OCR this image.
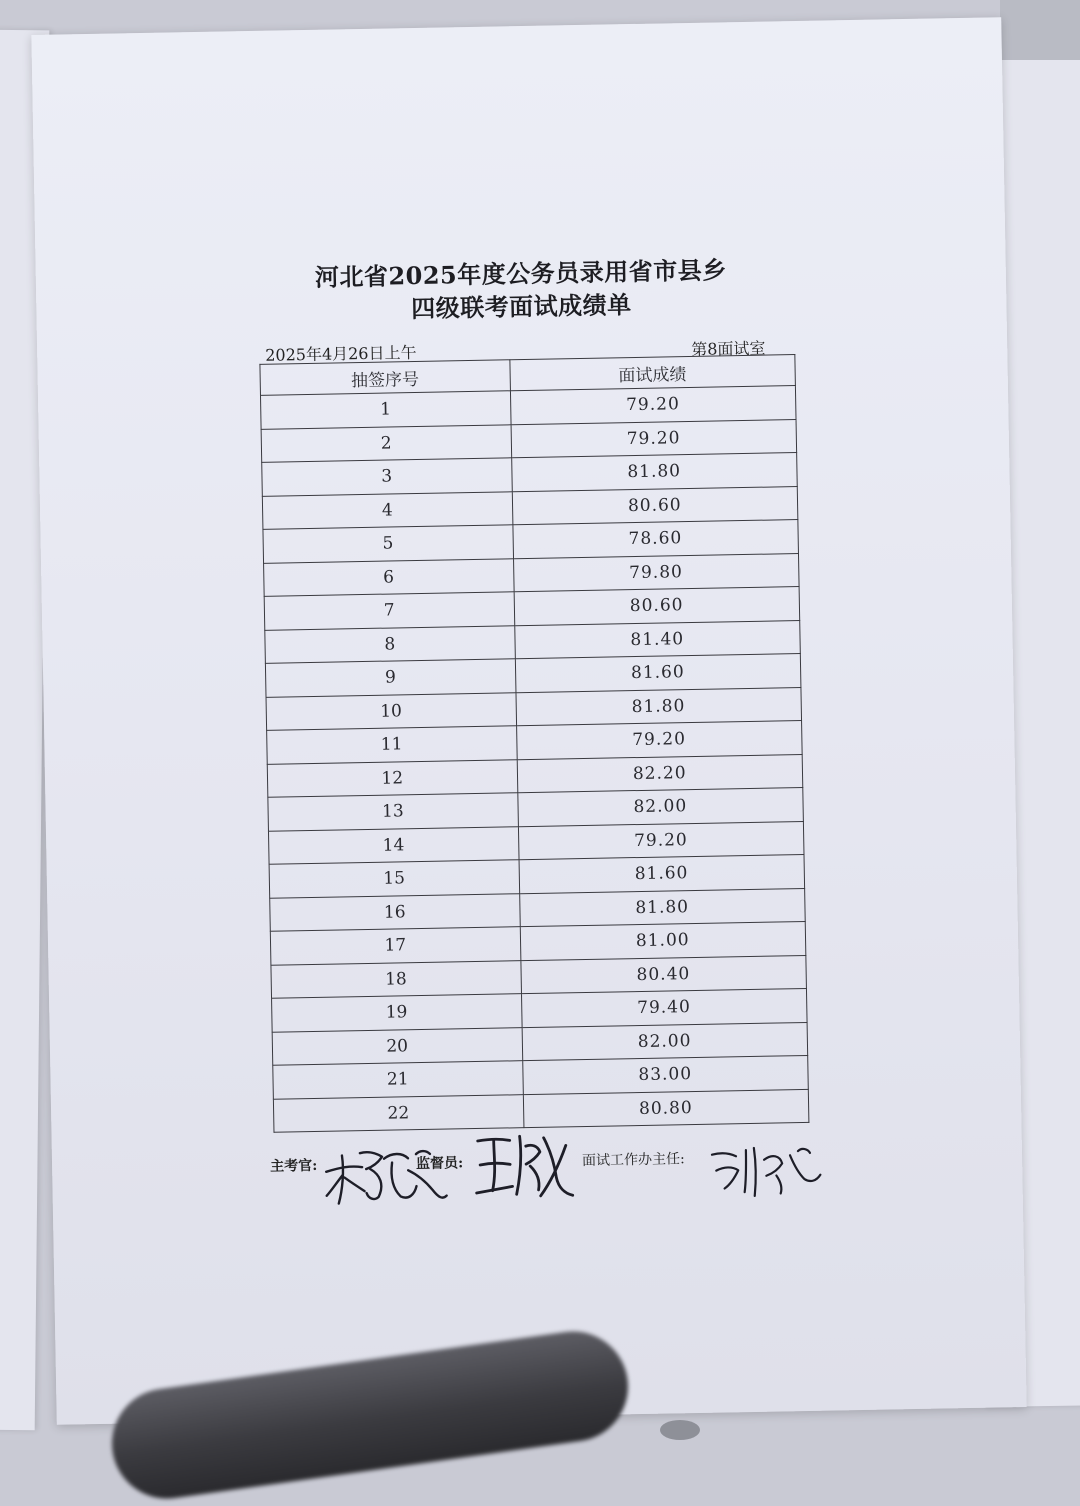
河北省2025年度公务员录用省市县乡
四级联考面试成绩单
2025年4月26日上午	第8面试室
抽签序号	面试成绩
1	79.20
2	79.20
3	81.80
4	80.60
5	78.60
6	79.80
7	80.60
8	81.40
9	81.60
10	81.80
11	79.20
12	82.20
13	82.00
14	79.20
15	81.60
16	81.80
17	81.00
18	80.40
19	79.40
20	82.00
21	83.00
22	80.80
主考官:	监督员:	面试工作办主任:
